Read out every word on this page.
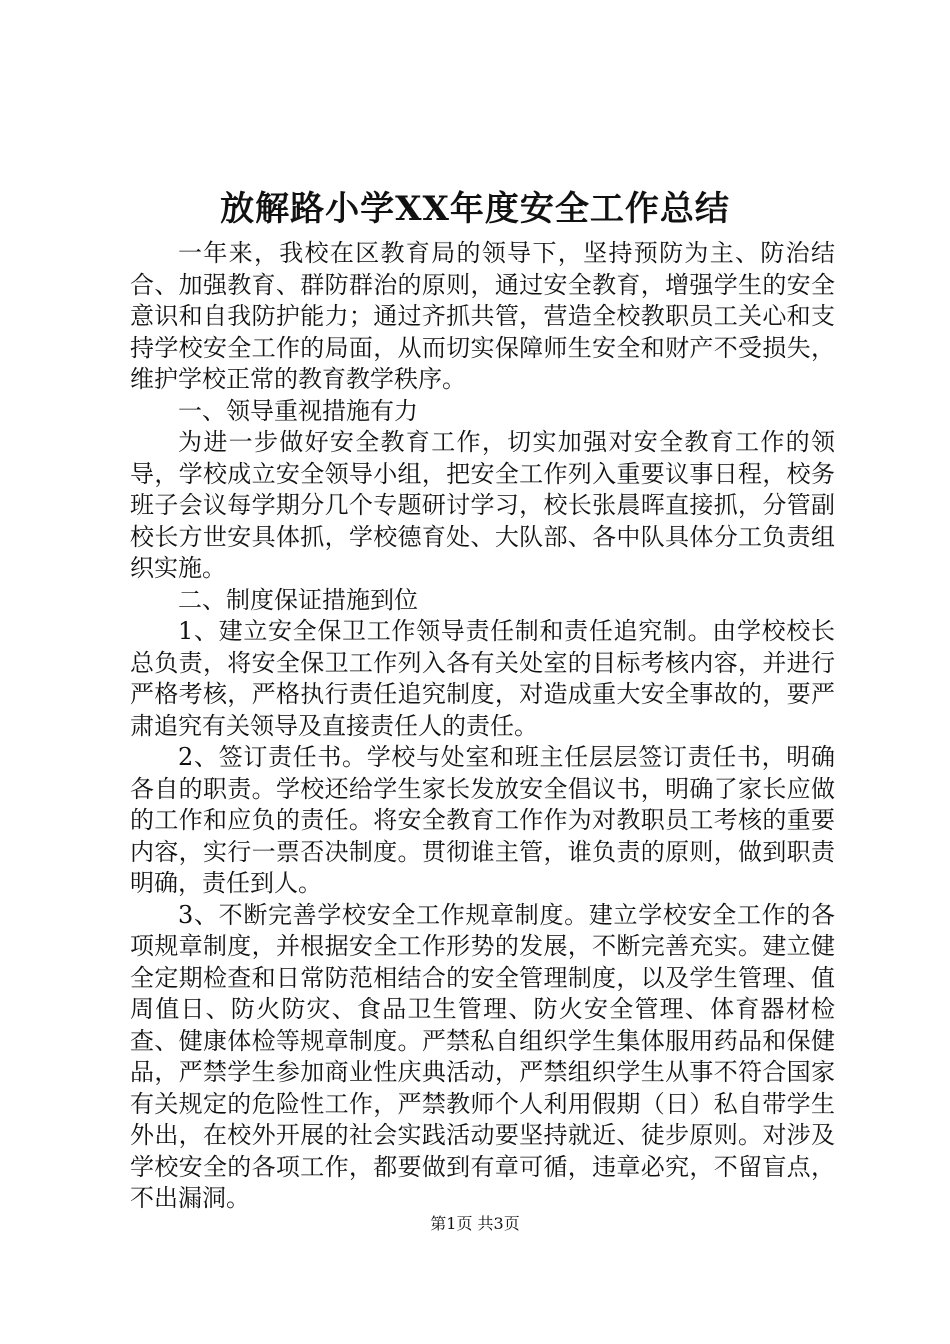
放解路小学XX年度安全工作总结

一年来，我校在区教育局的领导下，坚持预防为主、防治结合、加强教育、群防群治的原则，通过安全教育，增强学生的安全意识和自我防护能力；通过齐抓共管，营造全校教职员工关心和支持学校安全工作的局面，从而切实保障师生安全和财产不受损失，维护学校正常的教育教学秩序。

一、领导重视措施有力

为进一步做好安全教育工作，切实加强对安全教育工作的领导，学校成立安全领导小组，把安全工作列入重要议事日程，校务班子会议每学期分几个专题研讨学习，校长张晨晖直接抓，分管副校长方世安具体抓，学校德育处、大队部、各中队具体分工负责组织实施。

二、制度保证措施到位

1、建立安全保卫工作领导责任制和责任追究制。由学校校长总负责，将安全保卫工作列入各有关处室的目标考核内容，并进行严格考核，严格执行责任追究制度，对造成重大安全事故的，要严肃追究有关领导及直接责任人的责任。

2、签订责任书。学校与处室和班主任层层签订责任书，明确各自的职责。学校还给学生家长发放安全倡议书，明确了家长应做的工作和应负的责任。将安全教育工作作为对教职员工考核的重要内容，实行一票否决制度。贯彻谁主管，谁负责的原则，做到职责明确，责任到人。

3、不断完善学校安全工作规章制度。建立学校安全工作的各项规章制度，并根据安全工作形势的发展，不断完善充实。建立健全定期检查和日常防范相结合的安全管理制度，以及学生管理、值周值日、防火防灾、食品卫生管理、防火安全管理、体育器材检查、健康体检等规章制度。严禁私自组织学生集体服用药品和保健品，严禁学生参加商业性庆典活动，严禁组织学生从事不符合国家有关规定的危险性工作，严禁教师个人利用假期（日）私自带学生外出，在校外开展的社会实践活动要坚持就近、徒步原则。对涉及学校安全的各项工作，都要做到有章可循，违章必究，不留盲点，不出漏洞。

第1页 共3页
